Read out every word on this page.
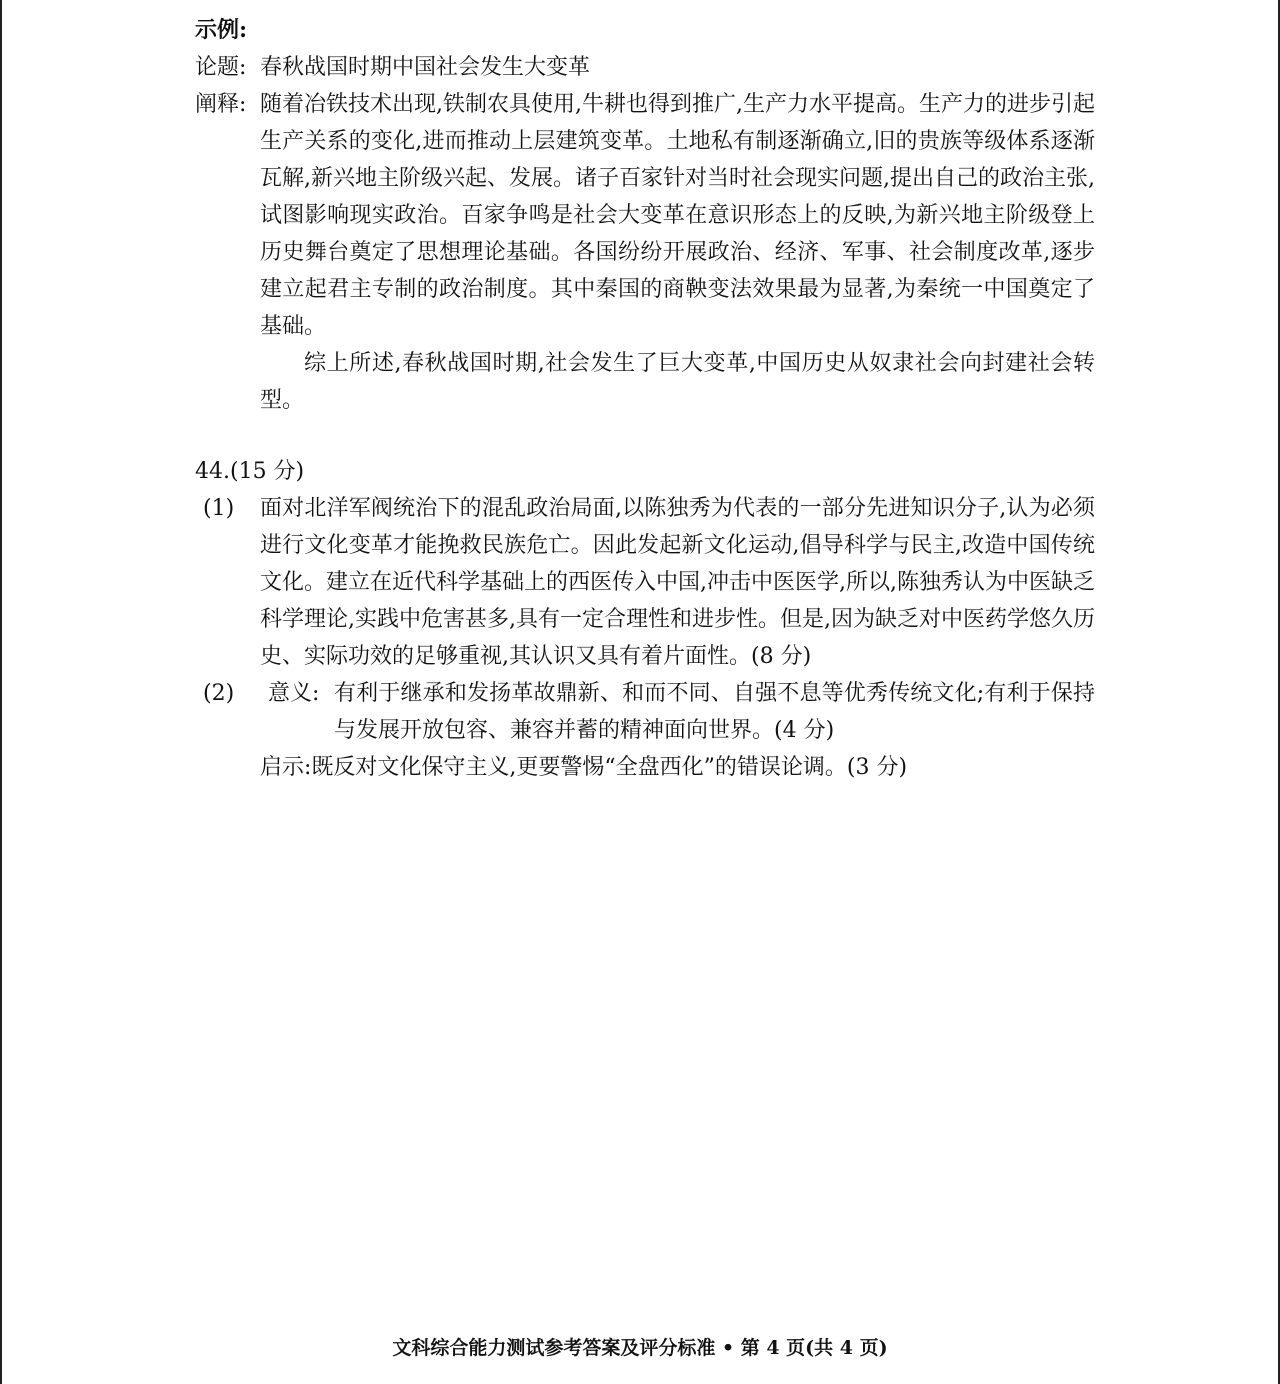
示例:
论题: 春秋战国时期中国社会发生大变革
阐释: 随着冶铁技术出现,铁制农具使用,牛耕也得到推广,生产力水平提高。生产力的进步引起生产关系的变化,进而推动上层建筑变革。土地私有制逐渐确立,旧的贵族等级体系逐渐瓦解,新兴地主阶级兴起、发展。诸子百家针对当时社会现实问题,提出自己的政治主张,试图影响现实政治。百家争鸣是社会大变革在意识形态上的反映,为新兴地主阶级登上历史舞台奠定了思想理论基础。各国纷纷开展政治、经济、军事、社会制度改革,逐步建立起君主专制的政治制度。其中秦国的商鞅变法效果最为显著,为秦统一中国奠定了基础。
综上所述,春秋战国时期,社会发生了巨大变革,中国历史从奴隶社会向封建社会转型。
44.(15 分)
(1)	面对北洋军阀统治下的混乱政治局面,以陈独秀为代表的一部分先进知识分子,认为必须进行文化变革才能挽救民族危亡。因此发起新文化运动,倡导科学与民主,改造中国传统文化。建立在近代科学基础上的西医传入中国,冲击中医医学,所以,陈独秀认为中医缺乏科学理论,实践中危害甚多,具有一定合理性和进步性。但是,因为缺乏对中医药学悠久历史、实际功效的足够重视,其认识又具有着片面性。(8 分)
(2)	意义: 有利于继承和发扬革故鼎新、和而不同、自强不息等优秀传统文化;有利于保持与发展开放包容、兼容并蓄的精神面向世界。(4 分)
启示:既反对文化保守主义,更要警惕“全盘西化”的错误论调。(3 分)
文科综合能力测试参考答案及评分标准 • 第 4 页(共 4 页)
